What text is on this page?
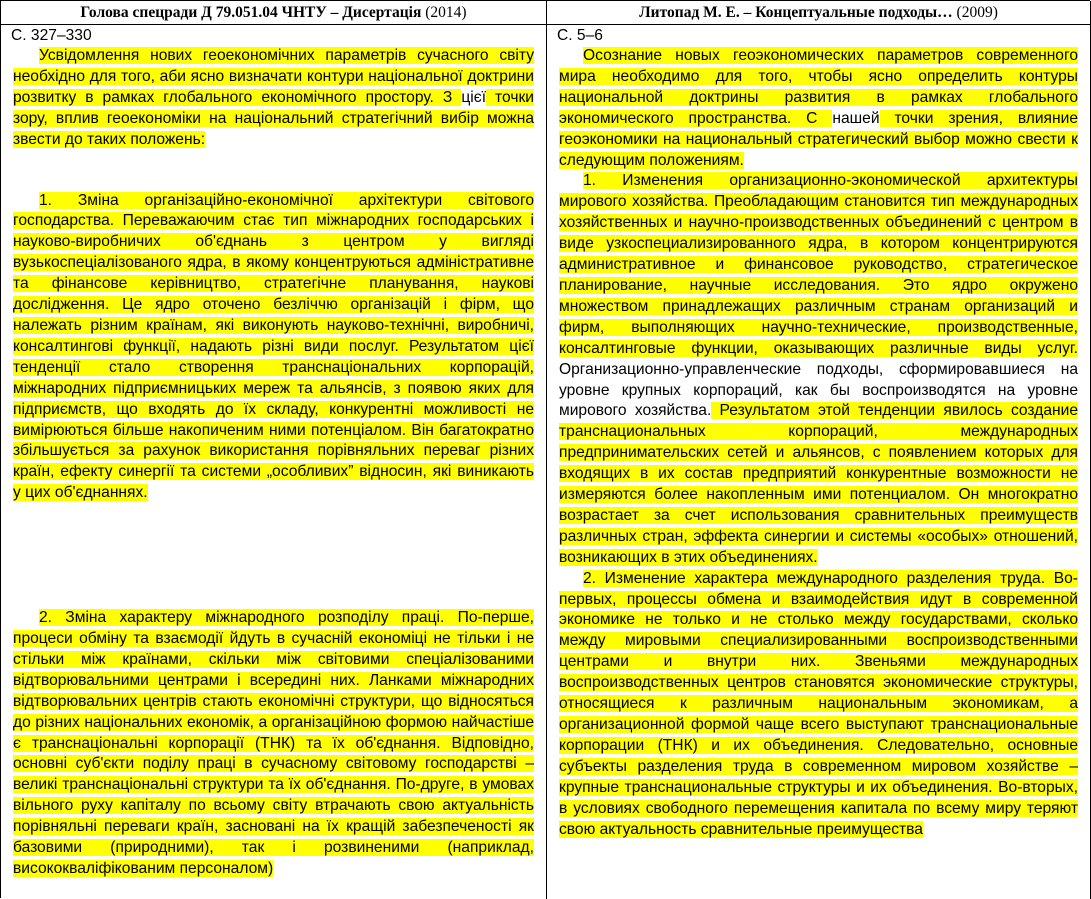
Голова спецради Д 79.051.04 ЧНТУ – Дисертація (2014)
С. 327–330

Усвідомлення нових геоекономічних параметрів сучасного світу необхідно для того, аби ясно визначати контури національної доктрини розвитку в рамках глобального економічного простору. З цієї точки зору, вплив геоекономіки на національний стратегічний вибір можна звести до таких положень:

1. Зміна організаційно-економічної архітектури світового господарства. Переважаючим стає тип міжнародних господарських і науково-виробничих об'єднань з центром у вигляді вузькоспеціалізованого ядра, в якому концентруються адміністративне та фінансове керівництво, стратегічне планування, наукові дослідження. Це ядро оточено безліччю організацій і фірм, що належать різним країнам, які виконують науково-технічні, виробничі, консалтингові функції, надають різні види послуг. Результатом цієї тенденції стало створення транснаціональних корпорацій, міжнародних підприємницьких мереж та альянсів, з появою яких для підприємств, що входять до їх складу, конкурентні можливості не вимірюються більше накопиченим ними потенціалом. Він багатократно збільшується за рахунок використання порівняльних переваг різних країн, ефекту синергії та системи „особливих” відносин, які виникають у цих об'єднаннях.

2. Зміна характеру міжнародного розподілу праці. По-перше, процеси обміну та взаємодії йдуть в сучасній економіці не тільки і не стільки між країнами, скільки між світовими спеціалізованими відтворювальними центрами і всередині них. Ланками міжнародних відтворювальних центрів стають економічні структури, що відносяться до різних національних економік, а організаційною формою найчастіше є транснаціональні корпорації (ТНК) та їх об'єднання. Відповідно, основні суб'єкти поділу праці в сучасному світовому господарстві – великі транснаціональні структури та їх об'єднання. По-друге, в умовах вільного руху капіталу по всьому світу втрачають свою актуальність порівняльні переваги країн, засновані на їх кращій забезпеченості як базовими (природними), так і розвиненими (наприклад, висококваліфікованим персоналом)

Литопад М. Е. – Концептуальные подходы… (2009)
С. 5–6

Осознание новых геоэкономических параметров современного мира необходимо для того, чтобы ясно определить контуры национальной доктрины развития в рамках глобального экономического пространства. С нашей точки зрения, влияние геоэкономики на национальный стратегический выбор можно свести к следующим положениям.

1. Изменения организационно-экономической архитектуры мирового хозяйства. Преобладающим становится тип международных хозяйственных и научно-производственных объединений с центром в виде узкоспециализированного ядра, в котором концентрируются административное и финансовое руководство, стратегическое планирование, научные исследования. Это ядро окружено множеством принадлежащих различным странам организаций и фирм, выполняющих научно-технические, производственные, консалтинговые функции, оказывающих различные виды услуг. Организационно-управленческие подходы, сформировавшиеся на уровне крупных корпораций, как бы воспроизводятся на уровне мирового хозяйства. Результатом этой тенденции явилось создание транснациональных корпораций, международных предпринимательских сетей и альянсов, с появлением которых для входящих в их состав предприятий конкурентные возможности не измеряются более накопленным ими потенциалом. Он многократно возрастает за счет использования сравнительных преимуществ различных стран, эффекта синергии и системы «особых» отношений, возникающих в этих объединениях.

2. Изменение характера международного разделения труда. Во-первых, процессы обмена и взаимодействия идут в современной экономике не только и не столько между государствами, сколько между мировыми специализированными воспроизводственными центрами и внутри них. Звеньями международных воспроизводственных центров становятся экономические структуры, относящиеся к различным национальным экономикам, а организационной формой чаще всего выступают транснациональные корпорации (ТНК) и их объединения. Следовательно, основные субъекты разделения труда в современном мировом хозяйстве – крупные транснациональные структуры и их объединения. Во-вторых, в условиях свободного перемещения капитала по всему миру теряют свою актуальность сравнительные преимущества
